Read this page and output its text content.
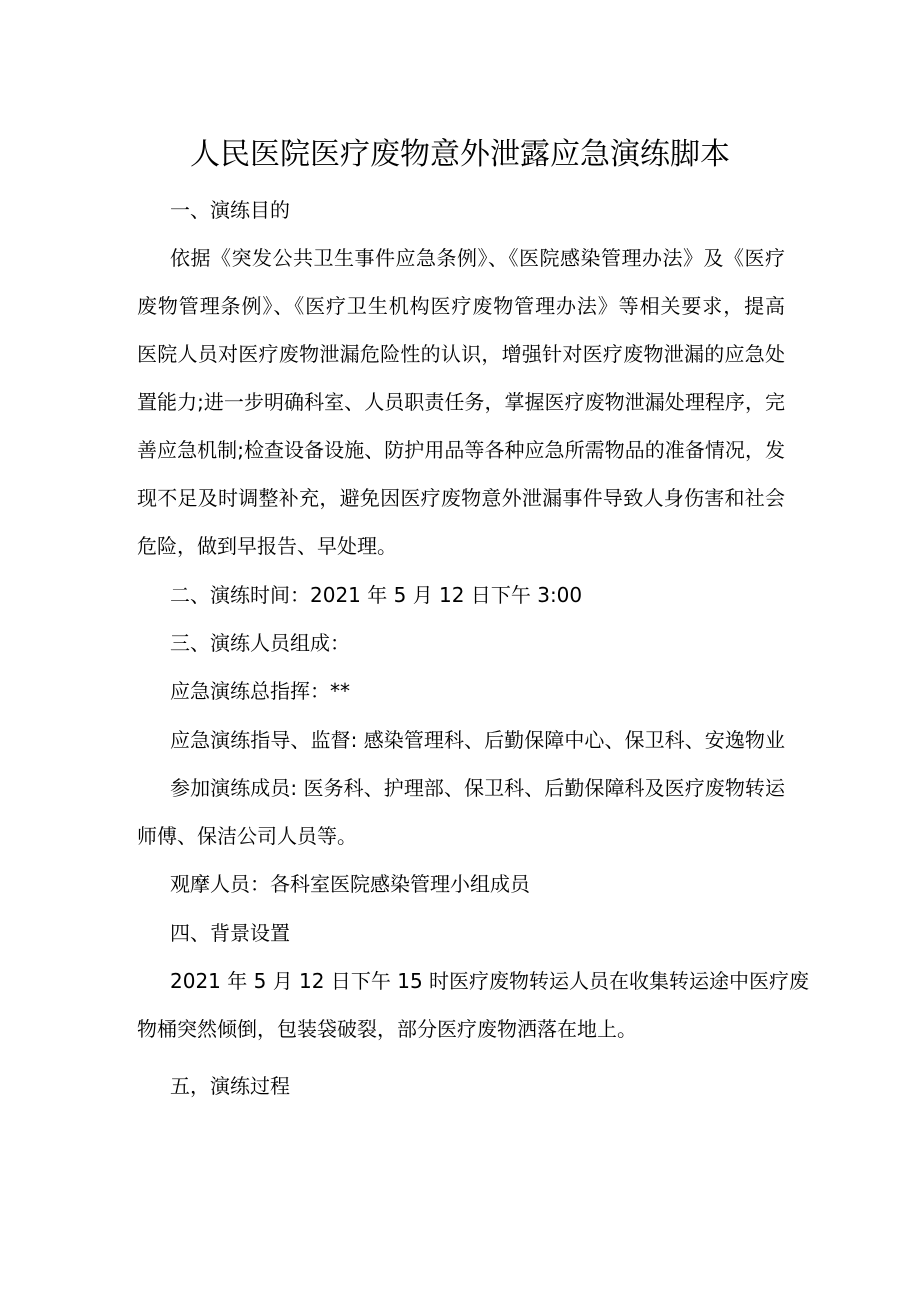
人民医院医疗废物意外泄露应急演练脚本
一、演练目的
依据《突发公共卫生事件应急条例》、《医院感染管理办法》及《医疗
废物管理条例》、《医疗卫生机构医疗废物管理办法》等相关要求，提高
医院人员对医疗废物泄漏危险性的认识，增强针对医疗废物泄漏的应急处
置能力;进一步明确科室、人员职责任务，掌握医疗废物泄漏处理程序，完
善应急机制;检查设备设施、防护用品等各种应急所需物品的准备情况，发
现不足及时调整补充，避免因医疗废物意外泄漏事件导致人身伤害和社会
危险，做到早报告、早处理。
二、演练时间：2021 年 5 月 12 日下午 3:00
三、演练人员组成：
应急演练总指挥：**
应急演练指导、监督: 感染管理科、后勤保障中心、保卫科、安逸物业
参加演练成员: 医务科、护理部、保卫科、后勤保障科及医疗废物转运
师傅、保洁公司人员等。
观摩人员：各科室医院感染管理小组成员
四、背景设置
2021 年 5 月 12 日下午 15 时医疗废物转运人员在收集转运途中医疗废
物桶突然倾倒，包装袋破裂，部分医疗废物洒落在地上。
五，演练过程
